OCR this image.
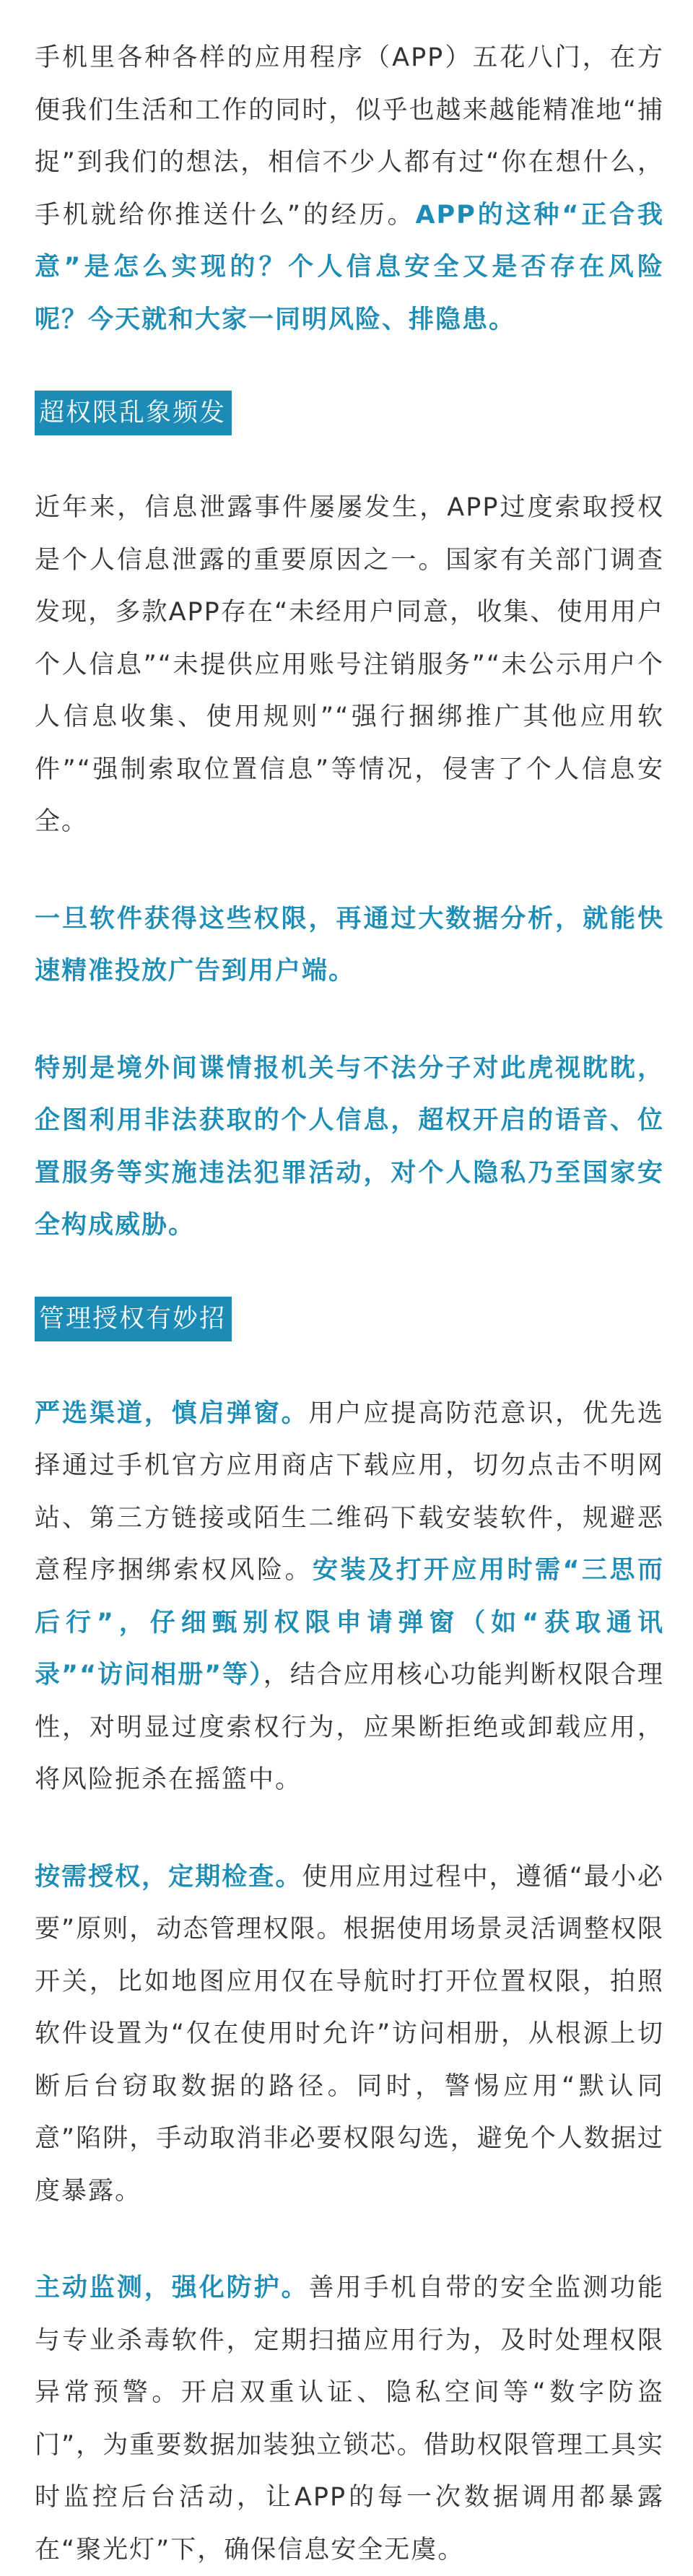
手机里各种各样的应用程序（APP）五花八门，在方便我们生活和工作的同时，似乎也越来越能精准地“捕捉”到我们的想法，相信不少人都有过“你在想什么，手机就给你推送什么”的经历。APP的这种“正合我意”是怎么实现的？个人信息安全又是否存在风险呢？今天就和大家一同明风险、排隐患。

超权限乱象频发

近年来，信息泄露事件屡屡发生，APP过度索取授权是个人信息泄露的重要原因之一。国家有关部门调查发现，多款APP存在“未经用户同意，收集、使用用户个人信息”“未提供应用账号注销服务”“未公示用户个人信息收集、使用规则”“强行捆绑推广其他应用软件”“强制索取位置信息”等情况，侵害了个人信息安全。

一旦软件获得这些权限，再通过大数据分析，就能快速精准投放广告到用户端。

特别是境外间谍情报机关与不法分子对此虎视眈眈，企图利用非法获取的个人信息，超权开启的语音、位置服务等实施违法犯罪活动，对个人隐私乃至国家安全构成威胁。

管理授权有妙招

严选渠道，慎启弹窗。用户应提高防范意识，优先选择通过手机官方应用商店下载应用，切勿点击不明网站、第三方链接或陌生二维码下载安装软件，规避恶意程序捆绑索权风险。安装及打开应用时需“三思而后行”，仔细甄别权限申请弹窗（如“获取通讯录”“访问相册”等），结合应用核心功能判断权限合理性，对明显过度索权行为，应果断拒绝或卸载应用，将风险扼杀在摇篮中。

按需授权，定期检查。使用应用过程中，遵循“最小必要”原则，动态管理权限。根据使用场景灵活调整权限开关，比如地图应用仅在导航时打开位置权限，拍照软件设置为“仅在使用时允许”访问相册，从根源上切断后台窃取数据的路径。同时，警惕应用“默认同意”陷阱，手动取消非必要权限勾选，避免个人数据过度暴露。

主动监测，强化防护。善用手机自带的安全监测功能与专业杀毒软件，定期扫描应用行为，及时处理权限异常预警。开启双重认证、隐私空间等“数字防盗门”，为重要数据加装独立锁芯。借助权限管理工具实时监控后台活动，让APP的每一次数据调用都暴露在“聚光灯”下，确保信息安全无虞。
